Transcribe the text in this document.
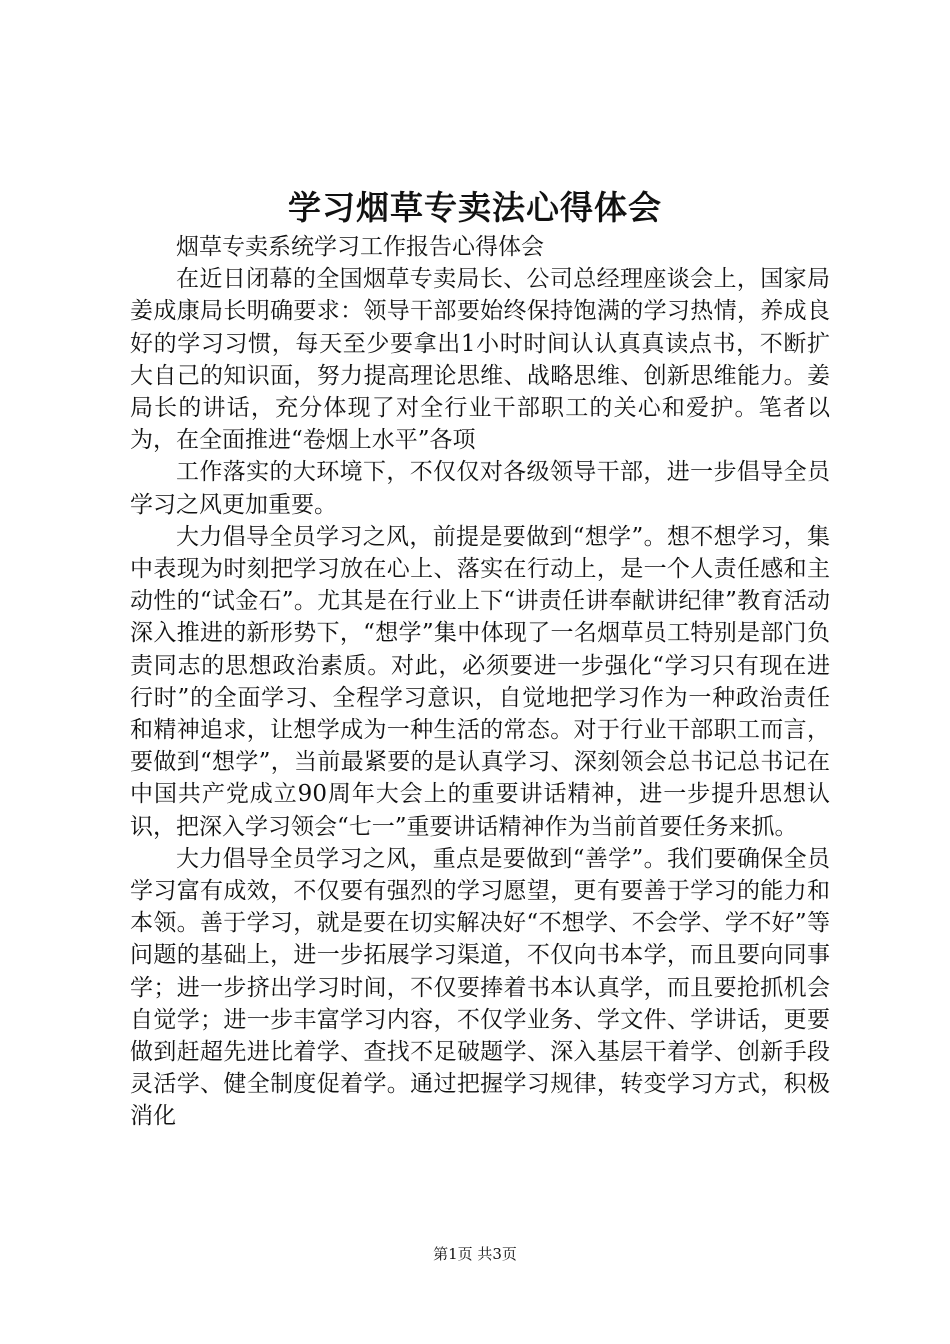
学习烟草专卖法心得体会

烟草专卖系统学习工作报告心得体会

在近日闭幕的全国烟草专卖局长、公司总经理座谈会上，国家局姜成康局长明确要求：领导干部要始终保持饱满的学习热情，养成良好的学习习惯，每天至少要拿出1小时时间认认真真读点书，不断扩大自己的知识面，努力提高理论思维、战略思维、创新思维能力。姜局长的讲话，充分体现了对全行业干部职工的关心和爱护。笔者以为，在全面推进“卷烟上水平”各项

工作落实的大环境下，不仅仅对各级领导干部，进一步倡导全员学习之风更加重要。

大力倡导全员学习之风，前提是要做到“想学”。想不想学习，集中表现为时刻把学习放在心上、落实在行动上，是一个人责任感和主动性的“试金石”。尤其是在行业上下“讲责任讲奉献讲纪律”教育活动深入推进的新形势下，“想学”集中体现了一名烟草员工特别是部门负责同志的思想政治素质。对此，必须要进一步强化“学习只有现在进行时”的全面学习、全程学习意识，自觉地把学习作为一种政治责任和精神追求，让想学成为一种生活的常态。对于行业干部职工而言，要做到“想学”，当前最紧要的是认真学习、深刻领会总书记总书记在中国共产党成立90周年大会上的重要讲话精神，进一步提升思想认识，把深入学习领会“七一”重要讲话精神作为当前首要任务来抓。

大力倡导全员学习之风，重点是要做到“善学”。我们要确保全员学习富有成效，不仅要有强烈的学习愿望，更有要善于学习的能力和本领。善于学习，就是要在切实解决好“不想学、不会学、学不好”等问题的基础上，进一步拓展学习渠道，不仅向书本学，而且要向同事学；进一步挤出学习时间，不仅要捧着书本认真学，而且要抢抓机会自觉学；进一步丰富学习内容，不仅学业务、学文件、学讲话，更要做到赶超先进比着学、查找不足破题学、深入基层干着学、创新手段灵活学、健全制度促着学。通过把握学习规律，转变学习方式，积极消化

第1页 共3页
